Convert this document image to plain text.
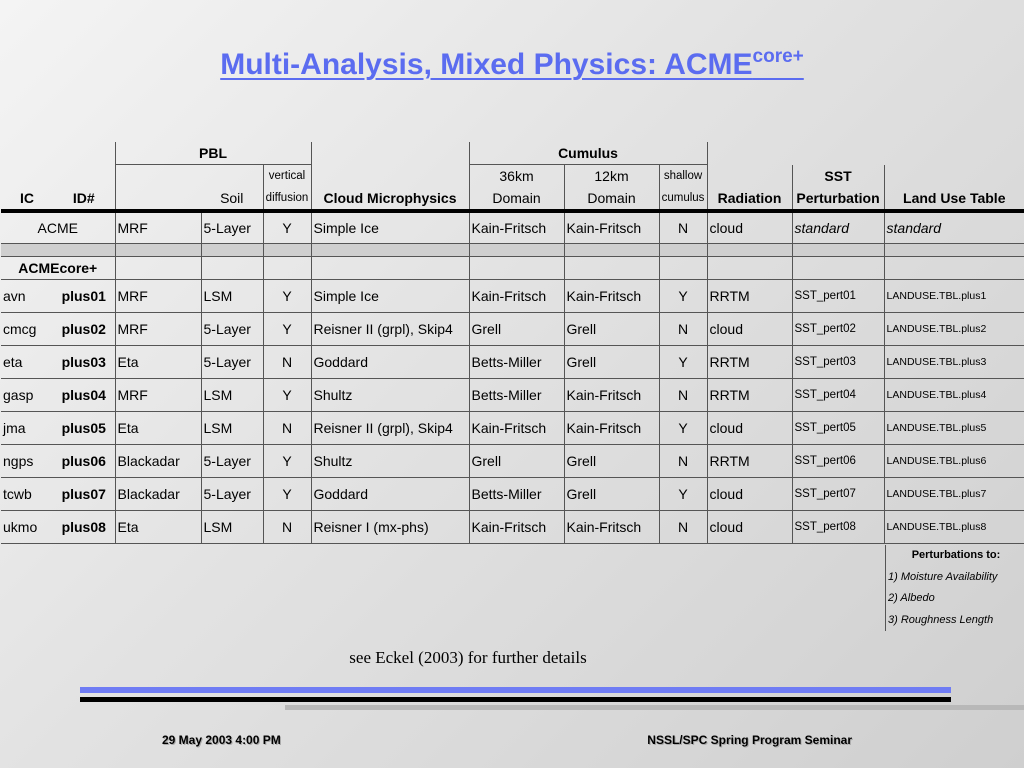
Multi-Analysis, Mixed Physics: $ACME^{core+}$
		PBL				Cumulus					
				vertical		36km	12km	shallow		SST	
IC	ID#		Soil	diffusion	Cloud Microphysics	Domain	Domain	cumulus	Radiation	Perturbation	Land Use Table
ACME		MRF	5-Layer	Y	Simple Ice	Kain-Fritsch	Kain-Fritsch	N	cloud	standard	standard

ACMEcore+											
avn	plus01	MRF	LSM	Y	Simple Ice	Kain-Fritsch	Kain-Fritsch	Y	RRTM	SST_pert01	LANDUSE.TBL.plus1
cmcg	plus02	MRF	5-Layer	Y	Reisner II (grpl), Skip4	Grell	Grell	N	cloud	SST_pert02	LANDUSE.TBL.plus2
eta	plus03	Eta	5-Layer	N	Goddard	Betts-Miller	Grell	Y	RRTM	SST_pert03	LANDUSE.TBL.plus3
gasp	plus04	MRF	LSM	Y	Shultz	Betts-Miller	Kain-Fritsch	N	RRTM	SST_pert04	LANDUSE.TBL.plus4
jma	plus05	Eta	LSM	N	Reisner II (grpl), Skip4	Kain-Fritsch	Kain-Fritsch	Y	cloud	SST_pert05	LANDUSE.TBL.plus5
ngps	plus06	Blackadar	5-Layer	Y	Shultz	Grell	Grell	N	RRTM	SST_pert06	LANDUSE.TBL.plus6
tcwb	plus07	Blackadar	5-Layer	Y	Goddard	Betts-Miller	Grell	Y	cloud	SST_pert07	LANDUSE.TBL.plus7
ukmo	plus08	Eta	LSM	N	Reisner I (mx-phs)	Kain-Fritsch	Kain-Fritsch	N	cloud	SST_pert08	LANDUSE.TBL.plus8
Perturbations to:
1) Moisture Availability
2) Albedo
3) Roughness Length
see Eckel (2003) for further details
29 May 2003 4:00 PM	NSSL/SPC Spring Program Seminar
